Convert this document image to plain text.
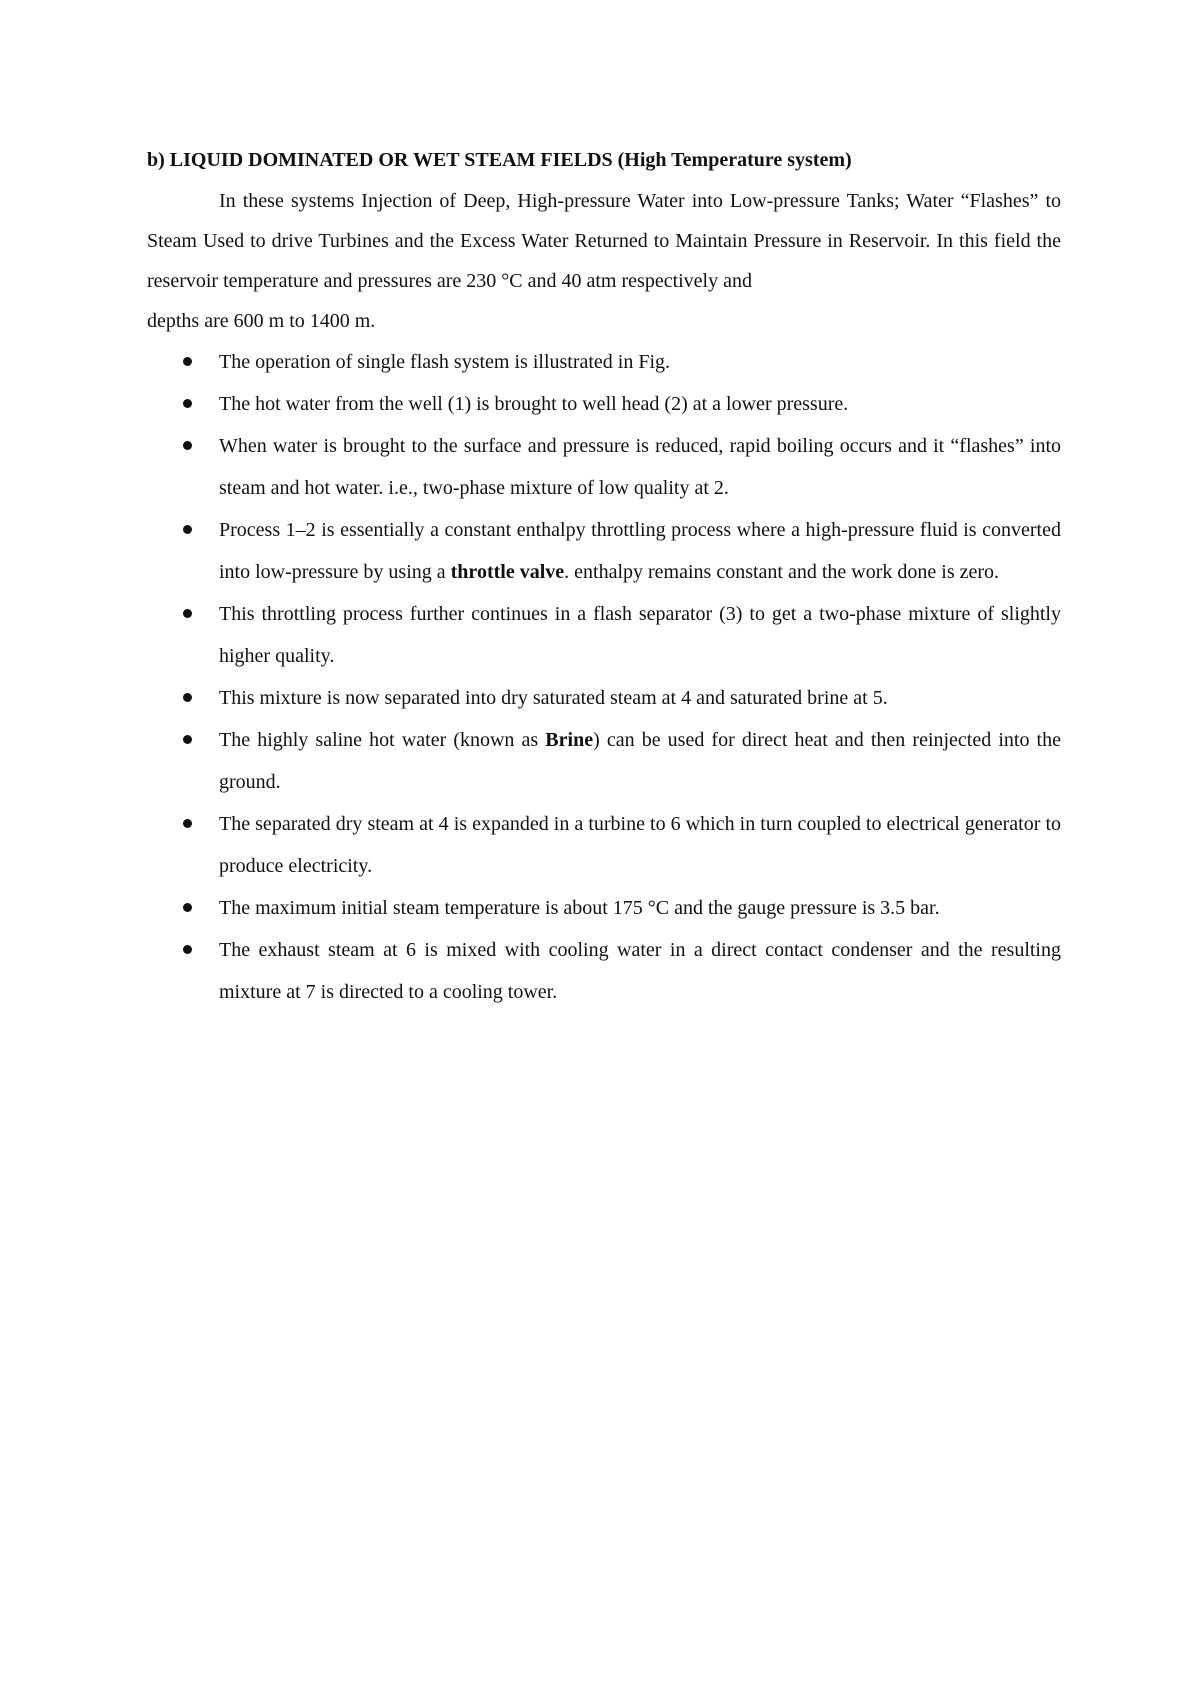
b) LIQUID DOMINATED OR WET STEAM FIELDS (High Temperature system)

In these systems Injection of Deep, High-pressure Water into Low-pressure Tanks; Water “Flashes” to Steam Used to drive Turbines and the Excess Water Returned to Maintain Pressure in Reservoir. In this field the reservoir temperature and pressures are 230 °C and 40 atm respectively and

depths are 600 m to 1400 m.

The operation of single flash system is illustrated in Fig.
The hot water from the well (1) is brought to well head (2) at a lower pressure.
When water is brought to the surface and pressure is reduced, rapid boiling occurs and it “flashes” into steam and hot water. i.e., two-phase mixture of low quality at 2.
Process 1–2 is essentially a constant enthalpy throttling process where a high-pressure fluid is converted into low-pressure by using a throttle valve. enthalpy remains constant and the work done is zero.
This throttling process further continues in a flash separator (3) to get a two-phase mixture of slightly higher quality.
This mixture is now separated into dry saturated steam at 4 and saturated brine at 5.
The highly saline hot water (known as Brine) can be used for direct heat and then reinjected into the ground.
The separated dry steam at 4 is expanded in a turbine to 6 which in turn coupled to electrical generator to produce electricity.
The maximum initial steam temperature is about 175 °C and the gauge pressure is 3.5 bar.
The exhaust steam at 6 is mixed with cooling water in a direct contact condenser and the resulting mixture at 7 is directed to a cooling tower.
